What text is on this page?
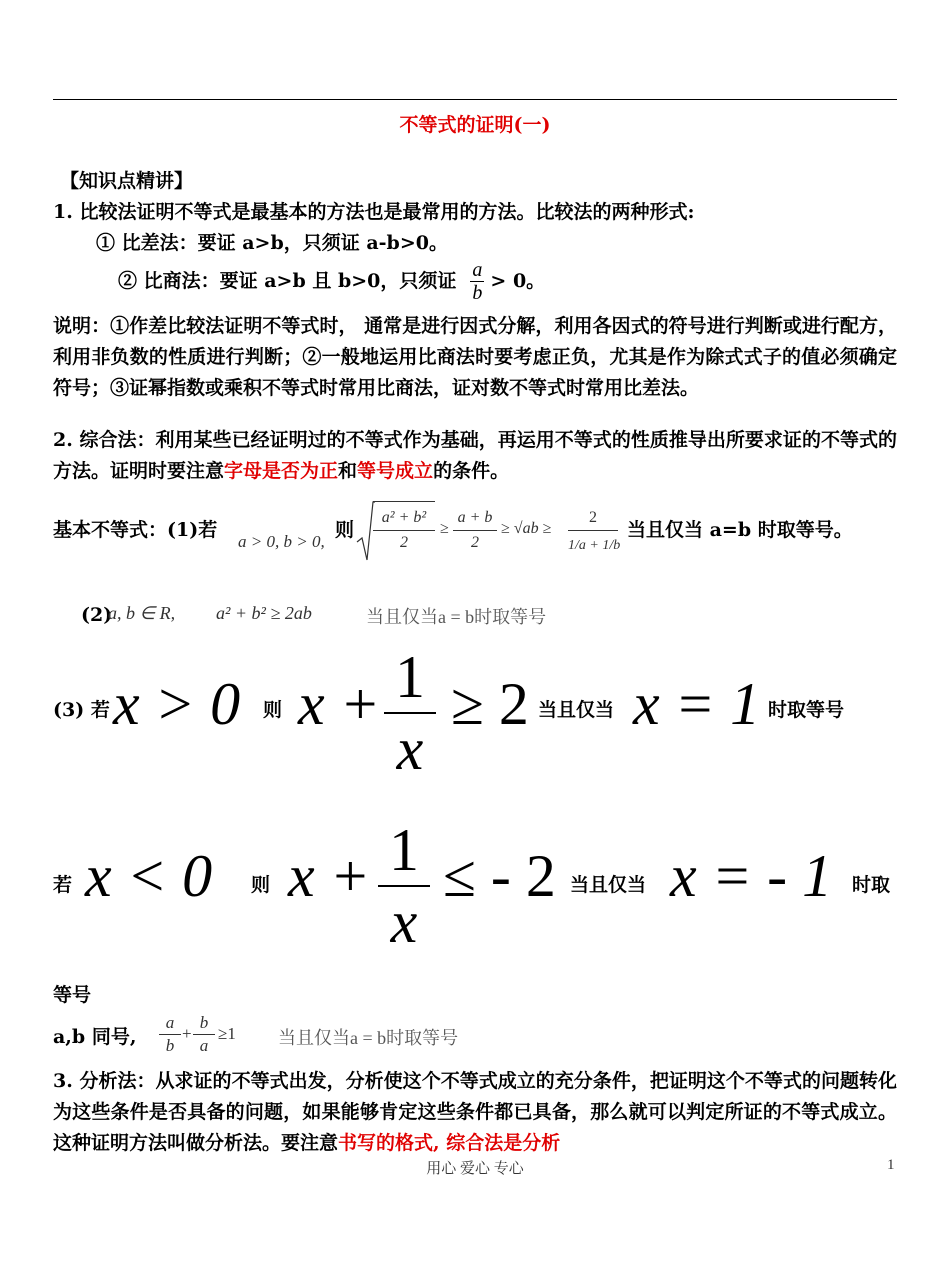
不等式的证明(一)
【知识点精讲】
1. 比较法证明不等式是最基本的方法也是最常用的方法。比较法的两种形式:
① 比差法：要证 a>b，只须证 a-b>0。
② 比商法：要证 a>b 且 b>0，只须证 $\frac{a}{b} > 0$。
说明：①作差比较法证明不等式时， 通常是进行因式分解，利用各因式的符号进行判断或进行配方，利用非负数的性质进行判断；②一般地运用比商法时要考虑正负，尤其是作为除式式子的值必须确定符号；③证幂指数或乘积不等式时常用比商法，证对数不等式时常用比差法。
2. 综合法：利用某些已经证明过的不等式作为基础，再运用不等式的性质推导出所要求证的不等式的方法。证明时要注意字母是否为正和等号成立的条件。
基本不等式：(1)若
a > 0, b > 0,
则 $\frac{\text{a² + b²}}{2} \ge \frac{a + b}{2} \ge √ab \ge \frac{2}{1/a + 1/b}$ 当且仅当 a=b 时取等号。
(2)
a, b ∈ R, a² + b² ≥ 2ab	当且仅当a = b时取等号
(3) 若 x > 0 则 $x + \frac{1}{x} \ge 2$ 当且仅当 x = 1 时取等号
若 x < 0 则 $x + \frac{1}{x}$ ≤ - 2 当且仅当 x = - 1 时取
等号
a,b 同号, $\frac{a}{b} + \frac{b}{a} \ge 1$ 当且仅当a = b时取等号
3. 分析法：从求证的不等式出发，分析使这个不等式成立的充分条件，把证明这个不等式的问题转化为这些条件是否具备的问题，如果能够肯定这些条件都已具备，那么就可以判定所证的不等式成立。这种证明方法叫做分析法。要注意书写的格式, 综合法是分析
用心 爱心 专心	1
